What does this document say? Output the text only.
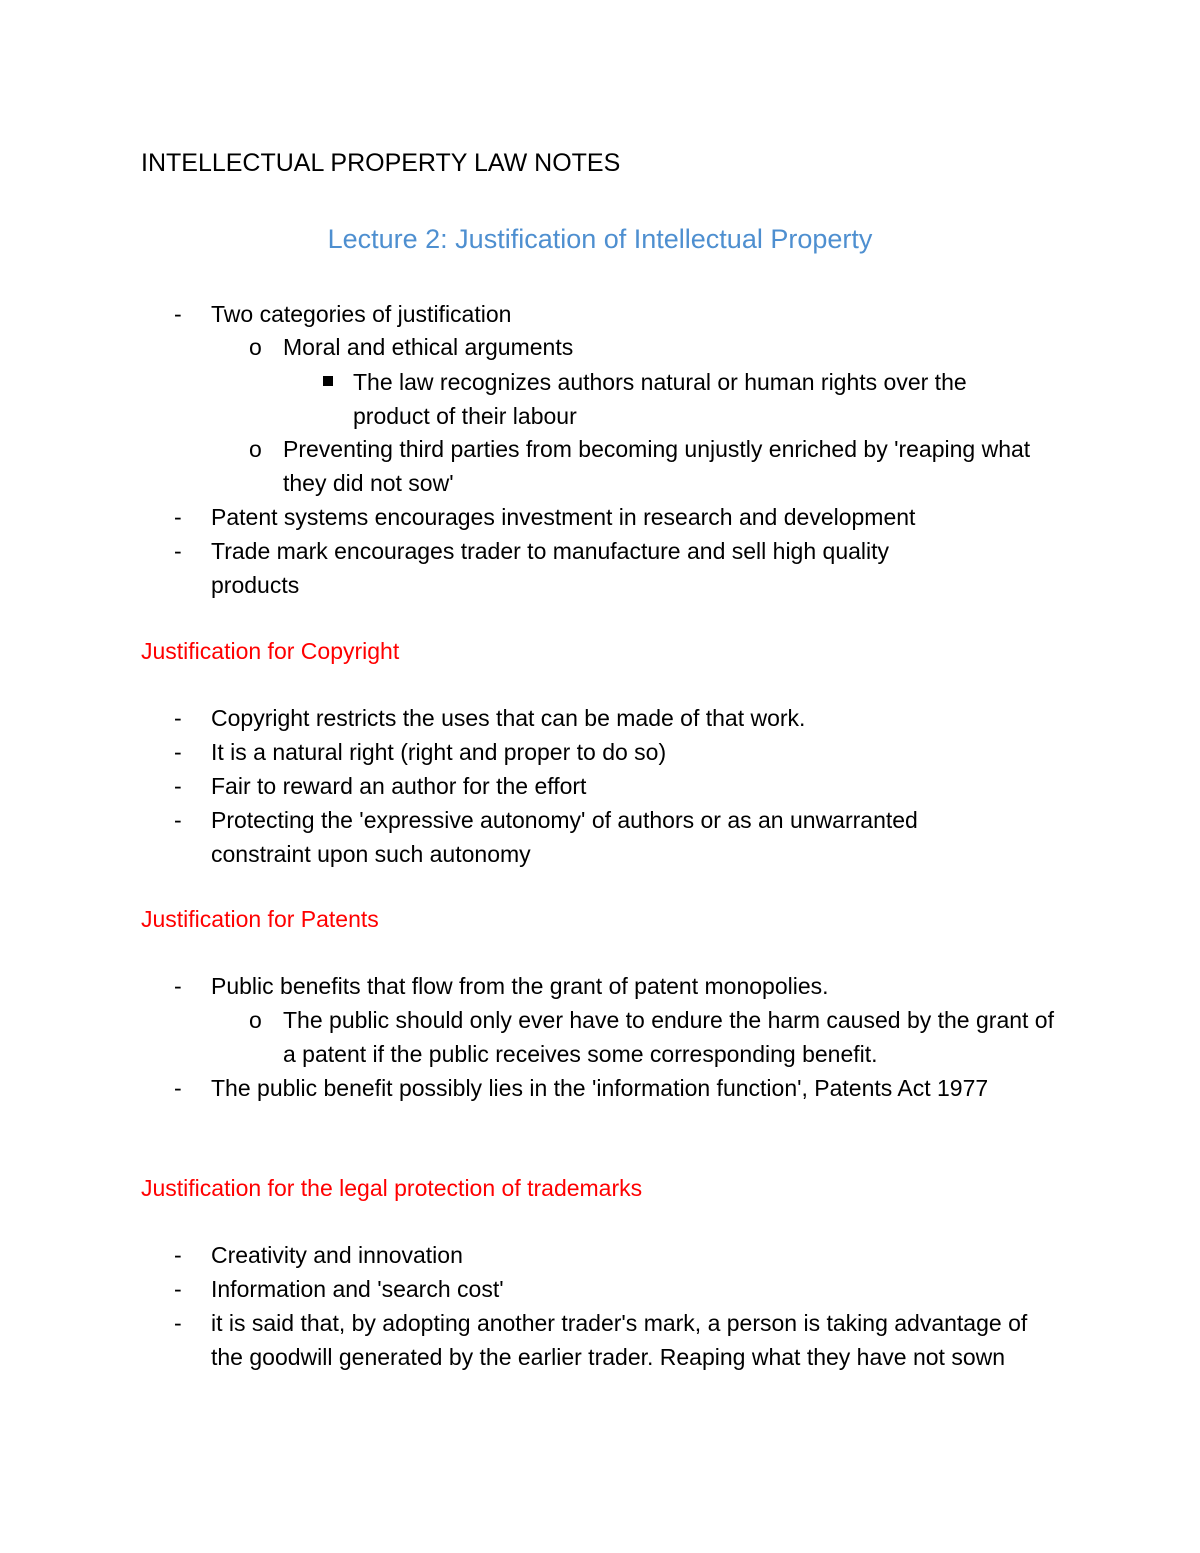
INTELLECTUAL PROPERTY LAW NOTES
Lecture 2: Justification of Intellectual Property
- Two categories of justification
o Moral and ethical arguments
The law recognizes authors natural or human rights over the product of their labour
o Preventing third parties from becoming unjustly enriched by 'reaping what they did not sow'
- Patent systems encourages investment in research and development
- Trade mark encourages trader to manufacture and sell high quality products
Justification for Copyright
- Copyright restricts the uses that can be made of that work.
- It is a natural right (right and proper to do so)
- Fair to reward an author for the effort
- Protecting the 'expressive autonomy' of authors or as an unwarranted constraint upon such autonomy
Justification for Patents
- Public benefits that flow from the grant of patent monopolies.
o The public should only ever have to endure the harm caused by the grant of a patent if the public receives some corresponding benefit.
- The public benefit possibly lies in the 'information function', Patents Act 1977
Justification for the legal protection of trademarks
- Creativity and innovation
- Information and 'search cost'
- it is said that, by adopting another trader's mark, a person is taking advantage of the goodwill generated by the earlier trader. Reaping what they have not sown
